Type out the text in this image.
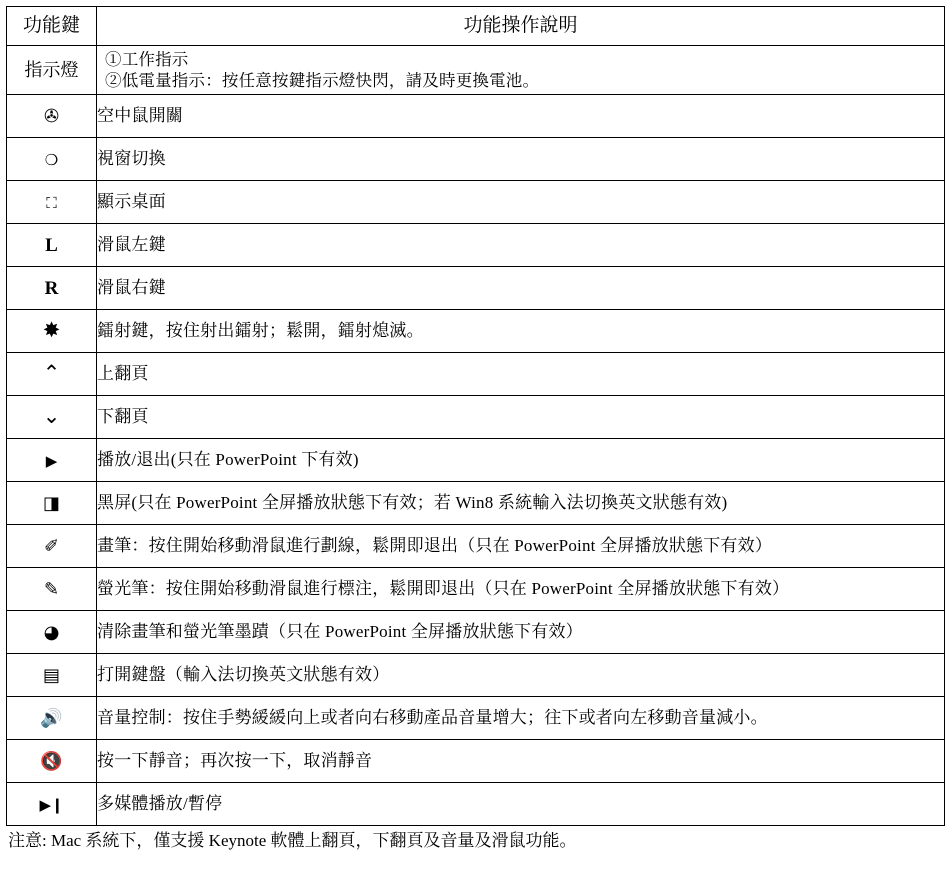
功能鍵	功能操作說明
指示燈	①工作指示
②低電量指示：按任意按鍵指示燈快閃，請及時更換電池。

✇	空中鼠開關
❍	視窗切換
⛶	顯示桌面
L	滑鼠左鍵
R	滑鼠右鍵
✸	鐳射鍵，按住射出鐳射；鬆開，鐳射熄滅。
⌃	上翻頁
⌄	下翻頁
▶	播放/退出(只在 PowerPoint 下有效)
◨	黑屏(只在 PowerPoint 全屏播放狀態下有效；若 Win8 系統輸入法切換英文狀態有效)
✐	畫筆：按住開始移動滑鼠進行劃線，鬆開即退出（只在 PowerPoint 全屏播放狀態下有效）
✎	螢光筆：按住開始移動滑鼠進行標注，鬆開即退出（只在 PowerPoint 全屏播放狀態下有效）
◕	清除畫筆和螢光筆墨蹟（只在 PowerPoint 全屏播放狀態下有效）
▤	打開鍵盤（輸入法切換英文狀態有效）
🔊	音量控制：按住手勢緩緩向上或者向右移動產品音量增大；往下或者向左移動音量減小。
🔇	按一下靜音；再次按一下，取消靜音
▶❙	多媒體播放/暫停
注意: Mac 系統下，僅支援 Keynote 軟體上翻頁，下翻頁及音量及滑鼠功能。
